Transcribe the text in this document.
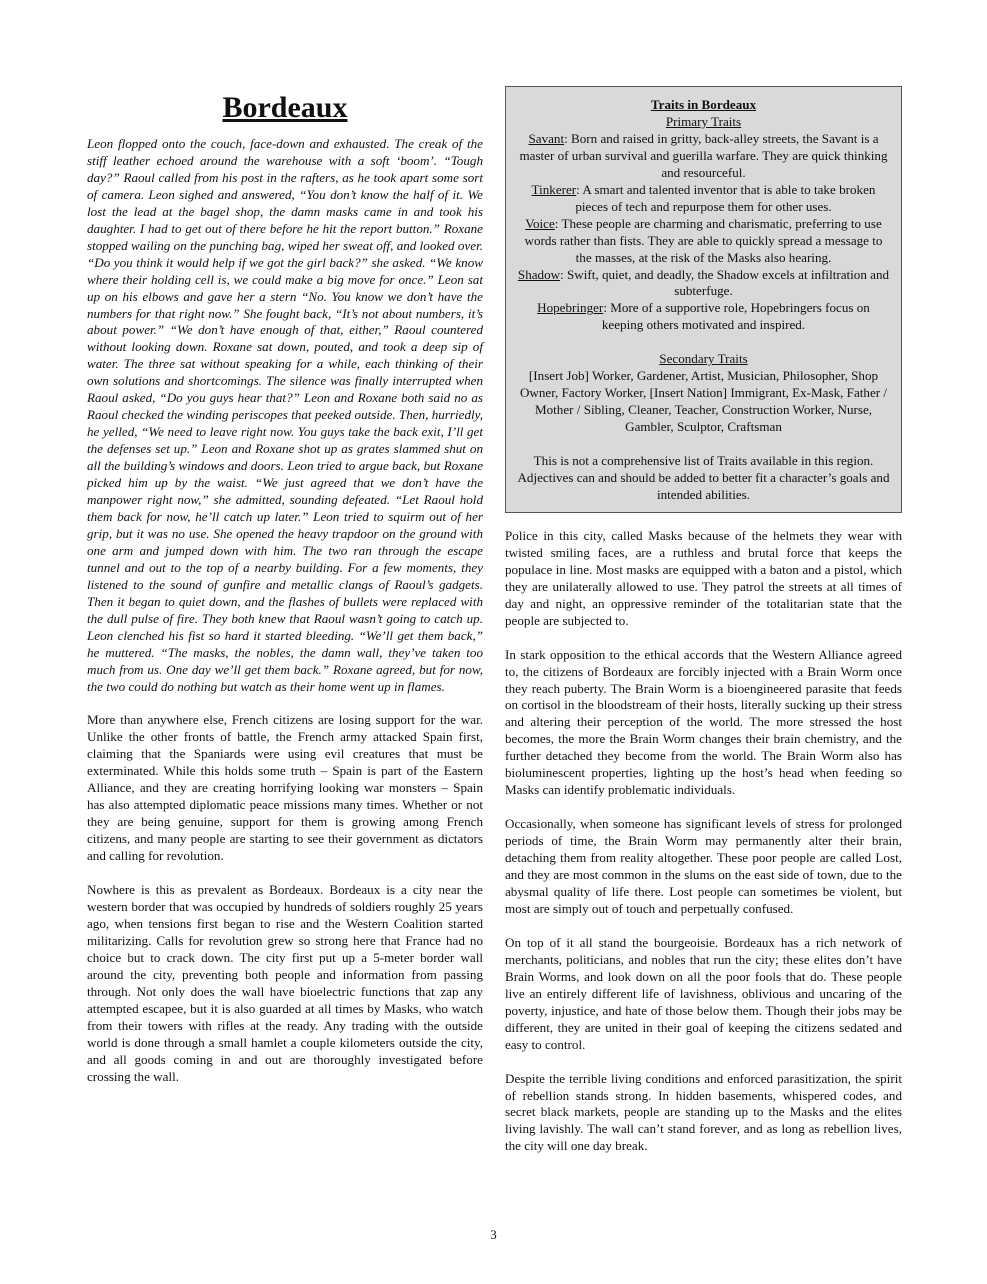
Bordeaux

Leon flopped onto the couch, face-down and exhausted. The creak of the stiff leather echoed around the warehouse with a soft ‘boom’. “Tough day?” Raoul called from his post in the rafters, as he took apart some sort of camera. Leon sighed and answered, “You don’t know the half of it. We lost the lead at the bagel shop, the damn masks came in and took his daughter. I had to get out of there before he hit the report button.” Roxane stopped wailing on the punching bag, wiped her sweat off, and looked over. “Do you think it would help if we got the girl back?” she asked. “We know where their holding cell is, we could make a big move for once.” Leon sat up on his elbows and gave her a stern “No. You know we don’t have the numbers for that right now.” She fought back, “It’s not about numbers, it’s about power.” “We don’t have enough of that, either,” Raoul countered without looking down. Roxane sat down, pouted, and took a deep sip of water. The three sat without speaking for a while, each thinking of their own solutions and shortcomings. The silence was finally interrupted when Raoul asked, “Do you guys hear that?” Leon and Roxane both said no as Raoul checked the winding periscopes that peeked outside. Then, hurriedly, he yelled, “We need to leave right now. You guys take the back exit, I’ll get the defenses set up.” Leon and Roxane shot up as grates slammed shut on all the building’s windows and doors. Leon tried to argue back, but Roxane picked him up by the waist. “We just agreed that we don’t have the manpower right now,” she admitted, sounding defeated. “Let Raoul hold them back for now, he’ll catch up later.” Leon tried to squirm out of her grip, but it was no use. She opened the heavy trapdoor on the ground with one arm and jumped down with him. The two ran through the escape tunnel and out to the top of a nearby building. For a few moments, they listened to the sound of gunfire and metallic clangs of Raoul’s gadgets. Then it began to quiet down, and the flashes of bullets were replaced with the dull pulse of fire. They both knew that Raoul wasn’t going to catch up. Leon clenched his fist so hard it started bleeding. “We’ll get them back,” he muttered. “The masks, the nobles, the damn wall, they’ve taken too much from us. One day we’ll get them back.” Roxane agreed, but for now, the two could do nothing but watch as their home went up in flames.

More than anywhere else, French citizens are losing support for the war. Unlike the other fronts of battle, the French army attacked Spain first, claiming that the Spaniards were using evil creatures that must be exterminated. While this holds some truth – Spain is part of the Eastern Alliance, and they are creating horrifying looking war monsters – Spain has also attempted diplomatic peace missions many times. Whether or not they are being genuine, support for them is growing among French citizens, and many people are starting to see their government as dictators and calling for revolution.

Nowhere is this as prevalent as Bordeaux. Bordeaux is a city near the western border that was occupied by hundreds of soldiers roughly 25 years ago, when tensions first began to rise and the Western Coalition started militarizing. Calls for revolution grew so strong here that France had no choice but to crack down. The city first put up a 5-meter border wall around the city, preventing both people and information from passing through. Not only does the wall have bioelectric functions that zap any attempted escapee, but it is also guarded at all times by Masks, who watch from their towers with rifles at the ready. Any trading with the outside world is done through a small hamlet a couple kilometers outside the city, and all goods coming in and out are thoroughly investigated before crossing the wall.

Traits in Bordeaux
Primary Traits
Savant: Born and raised in gritty, back-alley streets, the Savant is a master of urban survival and guerilla warfare. They are quick thinking and resourceful.
Tinkerer: A smart and talented inventor that is able to take broken pieces of tech and repurpose them for other uses.
Voice: These people are charming and charismatic, preferring to use words rather than fists. They are able to quickly spread a message to the masses, at the risk of the Masks also hearing.
Shadow: Swift, quiet, and deadly, the Shadow excels at infiltration and subterfuge.
Hopebringer: More of a supportive role, Hopebringers focus on keeping others motivated and inspired.

Secondary Traits
[Insert Job] Worker, Gardener, Artist, Musician, Philosopher, Shop Owner, Factory Worker, [Insert Nation] Immigrant, Ex-Mask, Father / Mother / Sibling, Cleaner, Teacher, Construction Worker, Nurse, Gambler, Sculptor, Craftsman

This is not a comprehensive list of Traits available in this region. Adjectives can and should be added to better fit a character’s goals and intended abilities.

Police in this city, called Masks because of the helmets they wear with twisted smiling faces, are a ruthless and brutal force that keeps the populace in line. Most masks are equipped with a baton and a pistol, which they are unilaterally allowed to use. They patrol the streets at all times of day and night, an oppressive reminder of the totalitarian state that the people are subjected to.

In stark opposition to the ethical accords that the Western Alliance agreed to, the citizens of Bordeaux are forcibly injected with a Brain Worm once they reach puberty. The Brain Worm is a bioengineered parasite that feeds on cortisol in the bloodstream of their hosts, literally sucking up their stress and altering their perception of the world. The more stressed the host becomes, the more the Brain Worm changes their brain chemistry, and the further detached they become from the world. The Brain Worm also has bioluminescent properties, lighting up the host’s head when feeding so Masks can identify problematic individuals.

Occasionally, when someone has significant levels of stress for prolonged periods of time, the Brain Worm may permanently alter their brain, detaching them from reality altogether. These poor people are called Lost, and they are most common in the slums on the east side of town, due to the abysmal quality of life there. Lost people can sometimes be violent, but most are simply out of touch and perpetually confused.

On top of it all stand the bourgeoisie. Bordeaux has a rich network of merchants, politicians, and nobles that run the city; these elites don’t have Brain Worms, and look down on all the poor fools that do. These people live an entirely different life of lavishness, oblivious and uncaring of the poverty, injustice, and hate of those below them. Though their jobs may be different, they are united in their goal of keeping the citizens sedated and easy to control.

Despite the terrible living conditions and enforced parasitization, the spirit of rebellion stands strong. In hidden basements, whispered codes, and secret black markets, people are standing up to the Masks and the elites living lavishly. The wall can’t stand forever, and as long as rebellion lives, the city will one day break.

3
